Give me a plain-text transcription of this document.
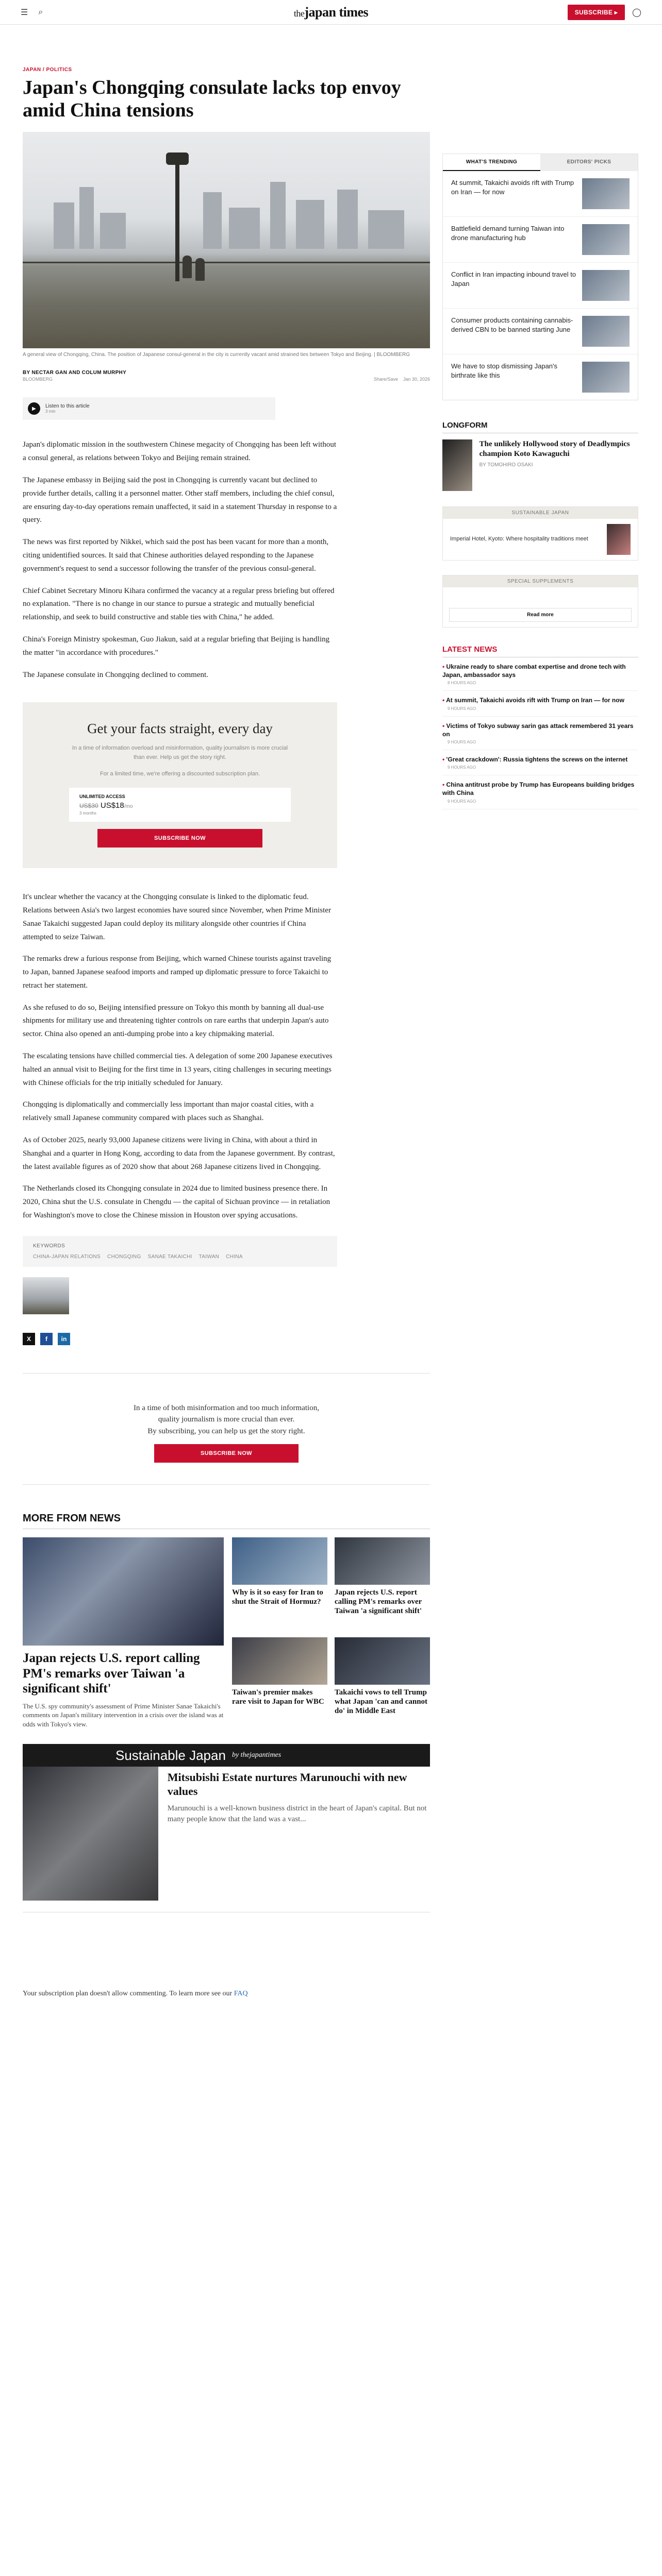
☰ ⌕	thejapan times	SUBSCRIBE ▸	◯
JAPAN / POLITICS
Japan's Chongqing consulate lacks top envoy amid China tensions
A general view of Chongqing, China. The position of Japanese consul-general in the city is currently vacant amid strained ties between Tokyo and Beijing. | BLOOMBERG
BY NECTAR GAN AND COLUM MURPHY
BLOOMBERG	Share/Save Jan 30, 2026
▶	Listen to this article
3 min

Japan's diplomatic mission in the southwestern Chinese megacity of Chongqing has been left without a consul general, as relations between Tokyo and Beijing remain strained.

The Japanese embassy in Beijing said the post in Chongqing is currently vacant but declined to provide further details, calling it a personnel matter. Other staff members, including the chief consul, are ensuring day-to-day operations remain unaffected, it said in a statement Thursday in response to a query.

The news was first reported by Nikkei, which said the post has been vacant for more than a month, citing unidentified sources. It said that Chinese authorities delayed responding to the Japanese government's request to send a successor following the transfer of the previous consul-general.

Chief Cabinet Secretary Minoru Kihara confirmed the vacancy at a regular press briefing but offered no explanation. "There is no change in our stance to pursue a strategic and mutually beneficial relationship, and seek to build constructive and stable ties with China," he added.

China's Foreign Ministry spokesman, Guo Jiakun, said at a regular briefing that Beijing is handling the matter "in accordance with procedures."

The Japanese consulate in Chongqing declined to comment.

Get your facts straight, every day
In a time of information overload and misinformation, quality journalism is more crucial than ever. Help us get the story right.
For a limited time, we're offering a discounted subscription plan.
UNLIMITED ACCESS
US$30 US$18/mo
3 months
SUBSCRIBE NOW

It's unclear whether the vacancy at the Chongqing consulate is linked to the diplomatic feud. Relations between Asia's two largest economies have soured since November, when Prime Minister Sanae Takaichi suggested Japan could deploy its military alongside other countries if China attempted to seize Taiwan.

The remarks drew a furious response from Beijing, which warned Chinese tourists against traveling to Japan, banned Japanese seafood imports and ramped up diplomatic pressure to force Takaichi to retract her statement.

As she refused to do so, Beijing intensified pressure on Tokyo this month by banning all dual-use shipments for military use and threatening tighter controls on rare earths that underpin Japan's auto sector. China also opened an anti-dumping probe into a key chipmaking material.

The escalating tensions have chilled commercial ties. A delegation of some 200 Japanese executives halted an annual visit to Beijing for the first time in 13 years, citing challenges in securing meetings with Chinese officials for the trip initially scheduled for January.

Chongqing is diplomatically and commercially less important than major coastal cities, with a relatively small Japanese community compared with places such as Shanghai.

As of October 2025, nearly 93,000 Japanese citizens were living in China, with about a third in Shanghai and a quarter in Hong Kong, according to data from the Japanese government. By contrast, the latest available figures as of 2020 show that about 268 Japanese citizens lived in Chongqing.

The Netherlands closed its Chongqing consulate in 2024 due to limited business presence there. In 2020, China shut the U.S. consulate in Chengdu — the capital of Sichuan province — in retaliation for Washington's move to close the Chinese mission in Houston over spying accusations.

KEYWORDS
CHINA-JAPAN RELATIONS CHONGQING SANAE TAKAICHI TAIWAN CHINA
X	f	in
WHAT'S TRENDING	EDITORS' PICKS
At summit, Takaichi avoids rift with Trump on Iran — for now
Battlefield demand turning Taiwan into drone manufacturing hub
Conflict in Iran impacting inbound travel to Japan
Consumer products containing cannabis-derived CBN to be banned starting June
We have to stop dismissing Japan's birthrate like this
LONGFORM
The unlikely Hollywood story of Deadlympics champion Koto Kawaguchi
BY TOMOHIRO OSAKI
SUSTAINABLE JAPAN
Imperial Hotel, Kyoto: Where hospitality traditions meet
SPECIAL SUPPLEMENTS
Read more
LATEST NEWS
• Ukraine ready to share combat expertise and drone tech with Japan, ambassador says
8 HOURS AGO
• At summit, Takaichi avoids rift with Trump on Iran — for now
9 HOURS AGO
• Victims of Tokyo subway sarin gas attack remembered 31 years on
9 HOURS AGO
• 'Great crackdown': Russia tightens the screws on the internet
9 HOURS AGO
• China antitrust probe by Trump has Europeans building bridges with China
9 HOURS AGO

In a time of both misinformation and too much information,

quality journalism is more crucial than ever.

By subscribing, you can help us get the story right.

SUBSCRIBE NOW
MORE FROM NEWS
Japan rejects U.S. report calling PM's remarks over Taiwan 'a significant shift'

The U.S. spy community's assessment of Prime Minister Sanae Takaichi's comments on Japan's military intervention in a crisis over the island was at odds with Tokyo's view.

Why is it so easy for Iran to shut the Strait of Hormuz?
Japan rejects U.S. report calling PM's remarks over Taiwan 'a significant shift'
Taiwan's premier makes rare visit to Japan for WBC
Takaichi vows to tell Trump what Japan 'can and cannot do' in Middle East
Sustainable Japan by thejapantimes
Mitsubishi Estate nurtures Marunouchi with new values

Marunouchi is a well-known business district in the heart of Japan's capital. But not many people know that the land was a vast...

Your subscription plan doesn't allow commenting. To learn more see our FAQ
